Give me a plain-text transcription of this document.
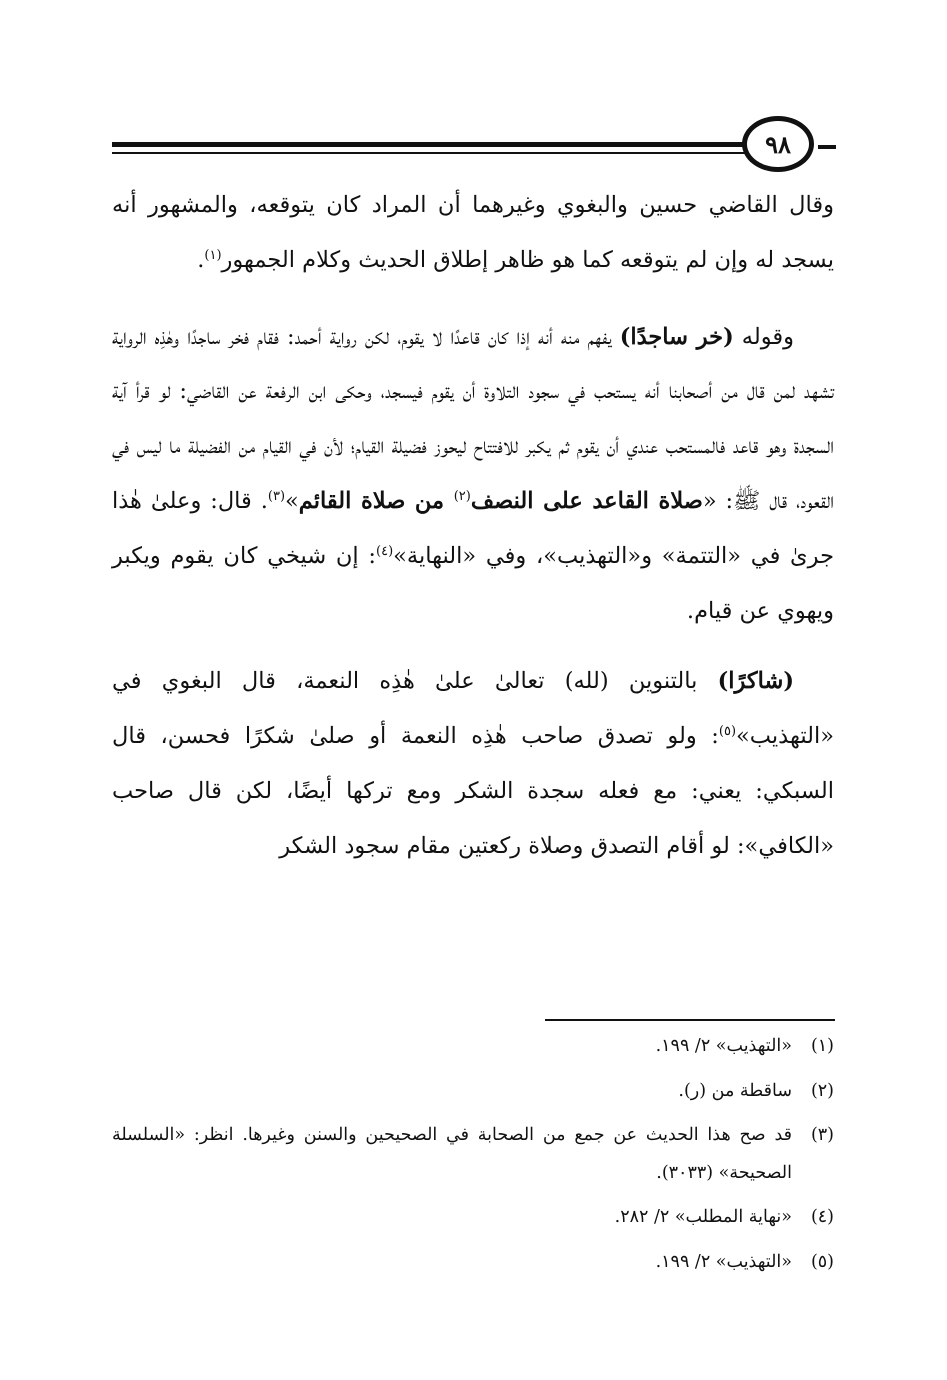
٩٨

وقال القاضي حسين والبغوي وغيرهما أن المراد كان يتوقعه، والمشهور أنه يسجد له وإن لم يتوقعه كما هو ظاهر إطلاق الحديث وكلام الجمهور$^{(١)}$.

وقوله (خر ساجدًا) يفهم منه أنه إذا كان قاعدًا لا يقوم، لكن رواية أحمد: فقام فخر ساجدًا وهٰذِه الرواية تشهد لمن قال من أصحابنا أنه يستحب في سجود التلاوة أن يقوم فيسجد، وحكى ابن الرفعة عن القاضي: لو قرأ آية السجدة وهو قاعد فالمستحب عندي أن يقوم ثم يكبر للافتتاح ليحوز فضيلة القيام؛ لأن في القيام من الفضيلة ما ليس في القعود، قال ﷺ: «صلاة القاعد على النصف$^{(٢)}$ من صلاة القائم»$^{(٣)}$. قال: وعلىٰ هٰذا جرىٰ في «التتمة» و«التهذيب»، وفي «النهاية»$^{(٤)}$: إن شيخي كان يقوم ويكبر ويهوي عن قيام.

(شاكرًا) بالتنوين (لله) تعالىٰ علىٰ هٰذِه النعمة، قال البغوي في «التهذيب»$^{(٥)}$: ولو تصدق صاحب هٰذِه النعمة أو صلىٰ شكرًا فحسن، قال السبكي: يعني: مع فعله سجدة الشكر ومع تركها أيضًا، لكن قال صاحب «الكافي»: لو أقام التصدق وصلاة ركعتين مقام سجود الشكر

(١)
«التهذيب» ٢/ ١٩٩.
(٢)
ساقطة من (ر).
(٣)
قد صح هذا الحديث عن جمع من الصحابة في الصحيحين والسنن وغيرها. انظر: «السلسلة الصحيحة» (٣٠٣٣).
(٤)
«نهاية المطلب» ٢/ ٢٨٢.
(٥)
«التهذيب» ٢/ ١٩٩.
